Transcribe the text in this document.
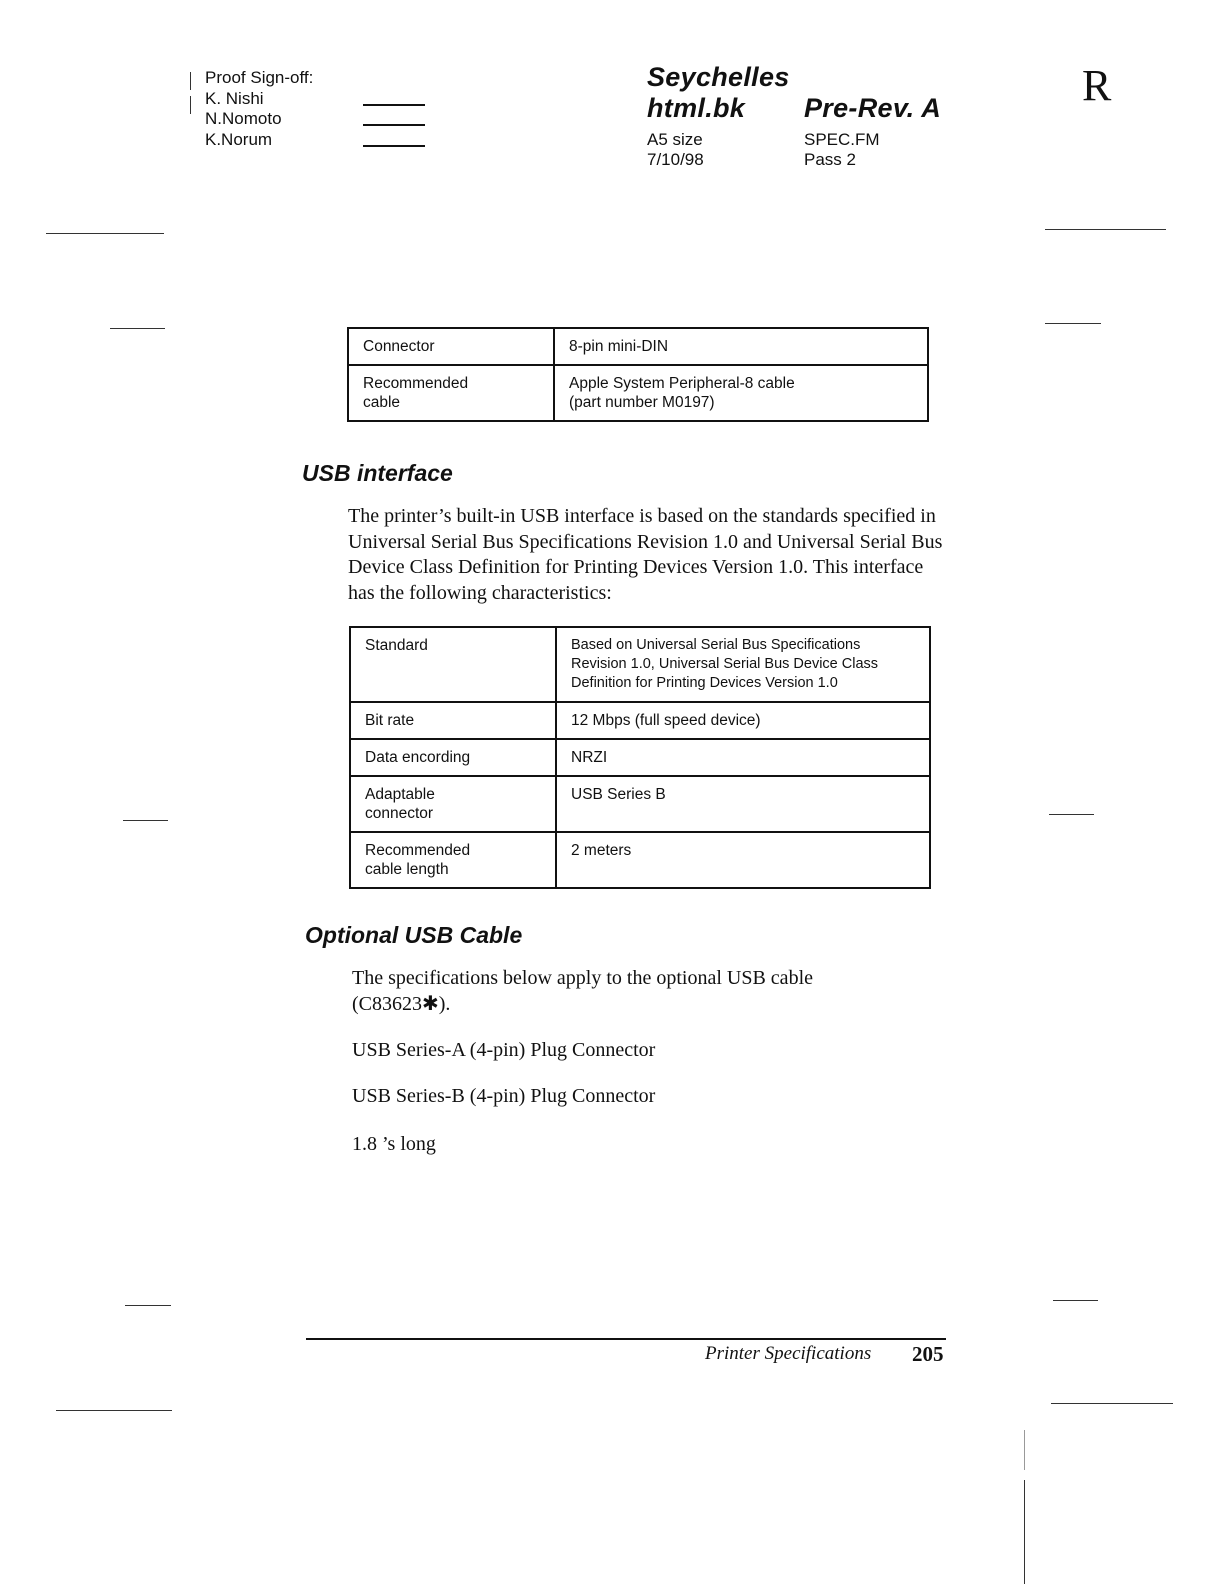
Proof Sign-off:
K. Nishi
N.Nomoto
K.Norum
Seychelles
html.bk Pre-Rev. A
A5 size
7/10/98
SPEC.FM
Pass 2
R
Connector	8-pin mini-DIN
Recommended
cable	Apple System Peripheral-8 cable
(part number M0197)
USB interface
The printer’s built-in USB interface is based on the standards specified in Universal Serial Bus Specifications Revision 1.0 and Universal Serial Bus Device Class Definition for Printing Devices Version 1.0. This interface has the following characteristics:
Standard	Based on Universal Serial Bus Specifications
Revision 1.0, Universal Serial Bus Device Class
Definition for Printing Devices Version 1.0
Bit rate	12 Mbps (full speed device)
Data encording	NRZI
Adaptable
connector	USB Series B
Recommended
cable length	2 meters
Optional USB Cable
The specifications below apply to the optional USB cable (C83623✱).
USB Series-A (4-pin) Plug Connector
USB Series-B (4-pin) Plug Connector
1.8 ’s long
Printer Specifications 205
